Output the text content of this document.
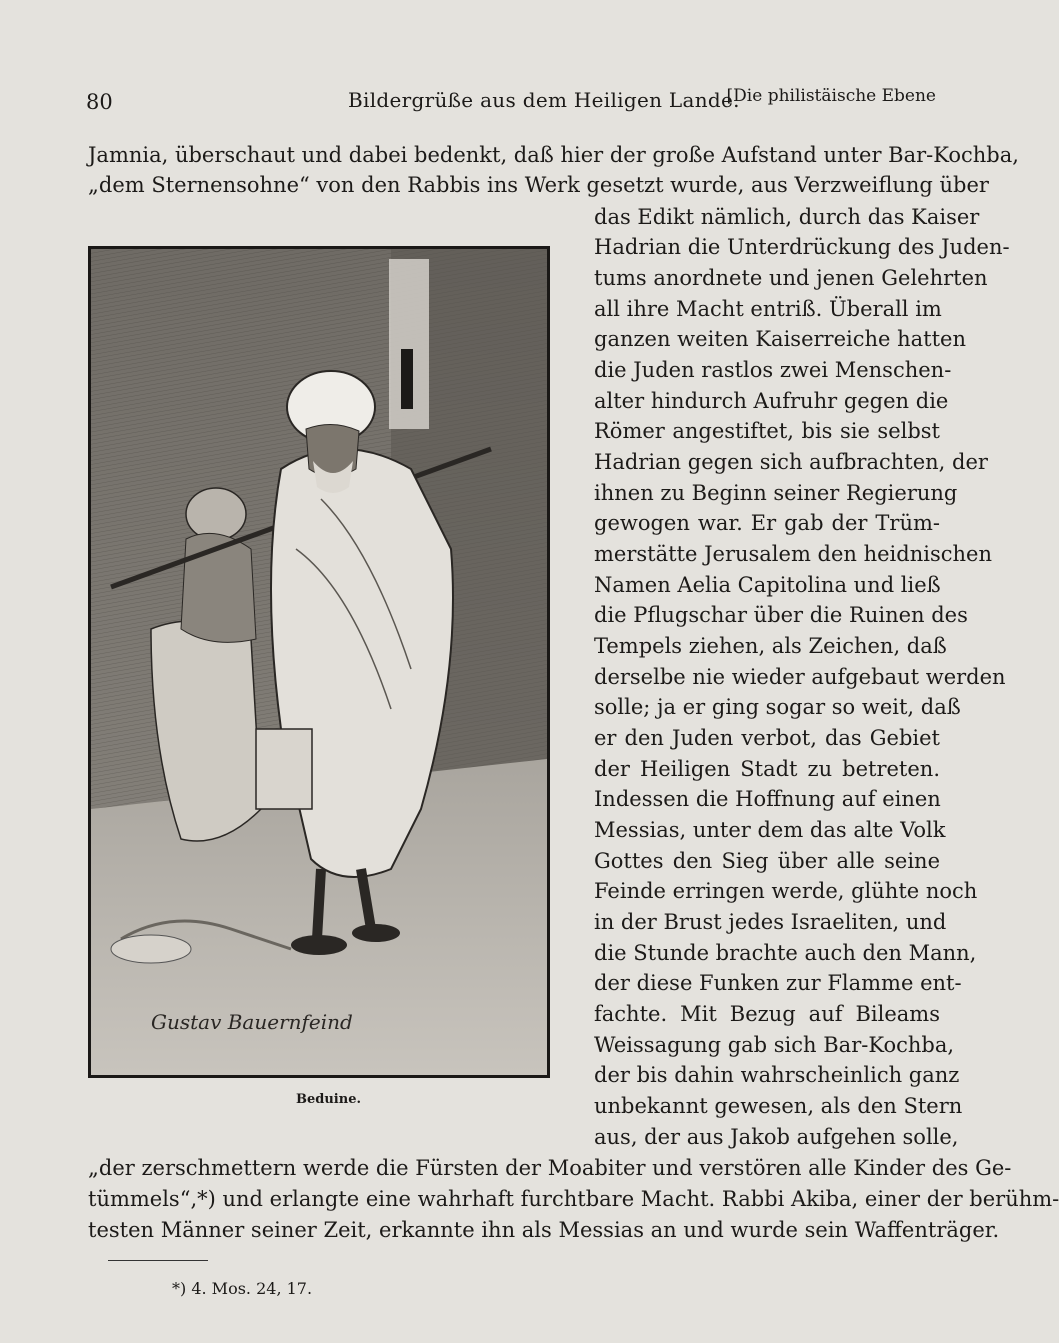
80	Bildergrüße aus dem Heiligen Lande.
[Die philistäische Ebene
Jamnia, überschaut und dabei bedenkt, daß hier der große Aufstand unter Bar-Kochba,
„dem Sternensohne“ von den Rabbis ins Werk gesetzt wurde, aus Verzweiflung über
das Edikt nämlich, durch das Kaiser
Hadrian die Unterdrückung des Juden-
tums anordnete und jenen Gelehrten
all ihre Macht entriß. Überall im
ganzen weiten Kaiserreiche hatten
die Juden rastlos zwei Menschen-
alter hindurch Aufruhr gegen die
Römer angestiftet, bis sie selbst
Hadrian gegen sich aufbrachten, der
ihnen zu Beginn seiner Regierung
gewogen war. Er gab der Trüm-
merstätte Jerusalem den heidnischen
Namen Aelia Capitolina und ließ
die Pflugschar über die Ruinen des
Tempels ziehen, als Zeichen, daß
derselbe nie wieder aufgebaut werden
solle; ja er ging sogar so weit, daß
er den Juden verbot, das Gebiet
der Heiligen Stadt zu betreten.
Indessen die Hoffnung auf einen
Messias, unter dem das alte Volk
Gottes den Sieg über alle seine
Feinde erringen werde, glühte noch
in der Brust jedes Israeliten, und
die Stunde brachte auch den Mann,
der diese Funken zur Flamme ent-
fachte. Mit Bezug auf Bileams
Weissagung gab sich Bar-Kochba,
der bis dahin wahrscheinlich ganz
unbekannt gewesen, als den Stern
aus, der aus Jakob aufgehen solle,
„der zerschmettern werde die Fürsten der Moabiter und verstören alle Kinder des Ge-
tümmels“,*) und erlangte eine wahrhaft furchtbare Macht. Rabbi Akiba, einer der berühm-
testen Männer seiner Zeit, erkannte ihn als Messias an und wurde sein Waffenträger.
Gustav Bauernfeind
Beduine.
*) 4. Mos. 24, 17.
